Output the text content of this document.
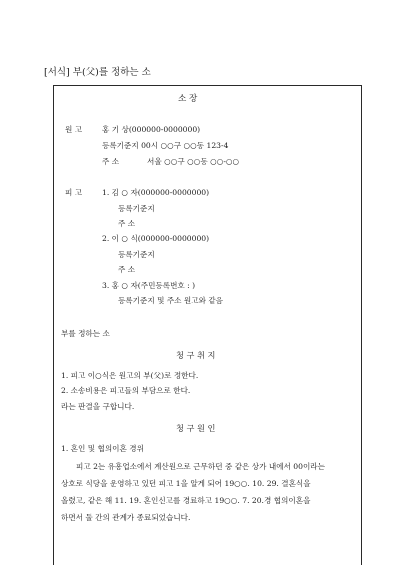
[서식] 부(父)를 정하는 소
소 장
원 고	홍 기 상(000000-0000000)
등록기준지 00시 ○○구 ○○동 123-4
주 소	서울 ○○구 ○○동 ○○-○○
피 고	1. 김 ○ 자(000000-0000000)
등록기준지
주 소
2. 이 ○ 식(000000-0000000)
등록기준지
주 소
3. 홍 ○ 자(주민등록번호 : )
등록기준지 및 주소 원고와 같음
부를 정하는 소
청 구 취 지
1. 피고 이○식은 원고의 부(父)로 정한다.
2. 소송비용은 피고들의 부담으로 한다.
라는 판결을 구합니다.
청 구 원 인
1. 혼인 및 협의이혼 경위
피고 2는 유흥업소에서 계산원으로 근무하던 중 같은 상가 내에서 00이라는
상호로 식당을 운영하고 있던 피고 1을 알게 되어 19○○. 10. 29. 결혼식을
올렸고, 같은 해 11. 19. 혼인신고를 경료하고 19○○. 7. 20.경 협의이혼을
하면서 둘 간의 관계가 종료되었습니다.
